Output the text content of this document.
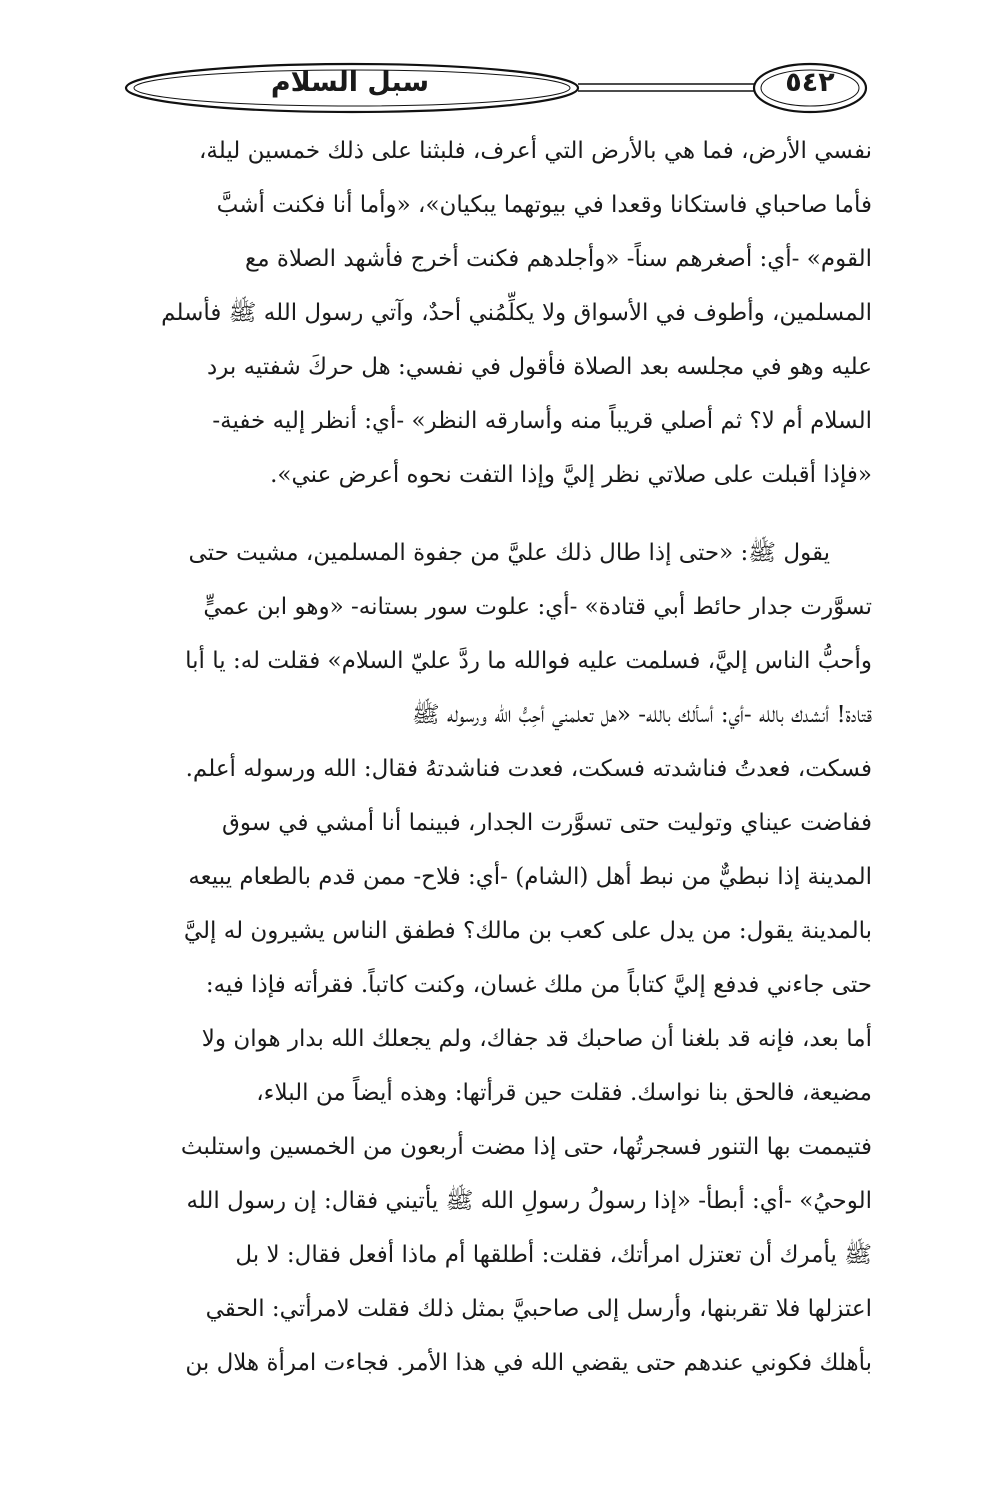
سبل السلام	٥٤٢
نفسي الأرض، فما هي بالأرض التي أعرف، فلبثنا على ذلك خمسين ليلة،
فأما صاحباي فاستكانا وقعدا في بيوتهما يبكيان»، «وأما أنا فكنت أشبَّ
القوم» -أي: أصغرهم سناً- «وأجلدهم فكنت أخرج فأشهد الصلاة مع
المسلمين، وأطوف في الأسواق ولا يكلِّمُني أحدٌ، وآتي رسول الله ﷺ فأسلم
عليه وهو في مجلسه بعد الصلاة فأقول في نفسي: هل حركَ شفتيه برد
السلام أم لا؟ ثم أصلي قريباً منه وأسارقه النظر» -أي: أنظر إليه خفية-
«فإذا أقبلت على صلاتي نظر إليَّ وإذا التفت نحوه أعرض عني».
يقول ﷺ: «حتى إذا طال ذلك عليَّ من جفوة المسلمين، مشيت حتى
تسوَّرت جدار حائط أبي قتادة» -أي: علوت سور بستانه- «وهو ابن عميٍّ
وأحبُّ الناس إليَّ، فسلمت عليه فوالله ما ردَّ عليّ السلام» فقلت له: يا أبا
قتادة! أنشدك بالله -أي: أسألك بالله- «هل تعلمني أحِبُّ الله ورسوله ﷺ
فسكت، فعدتُ فناشدته فسكت، فعدت فناشدتهُ فقال: الله ورسوله أعلم.
ففاضت عيناي وتوليت حتى تسوَّرت الجدار، فبينما أنا أمشي في سوق
المدينة إذا نبطيٌّ من نبط أهل (الشام) -أي: فلاح- ممن قدم بالطعام يبيعه
بالمدينة يقول: من يدل على كعب بن مالك؟ فطفق الناس يشيرون له إليَّ
حتى جاءني فدفع إليَّ كتاباً من ملك غسان، وكنت كاتباً. فقرأته فإذا فيه:
أما بعد، فإنه قد بلغنا أن صاحبك قد جفاك، ولم يجعلك الله بدار هوان ولا
مضيعة، فالحق بنا نواسك. فقلت حين قرأتها: وهذه أيضاً من البلاء،
فتيممت بها التنور فسجرتُها، حتى إذا مضت أربعون من الخمسين واستلبث
الوحيُ» -أي: أبطأ- «إذا رسولُ رسولِ الله ﷺ يأتيني فقال: إن رسول الله
ﷺ يأمرك أن تعتزل امرأتك، فقلت: أطلقها أم ماذا أفعل فقال: لا بل
اعتزلها فلا تقربنها، وأرسل إلى صاحبيَّ بمثل ذلك فقلت لامرأتي: الحقي
بأهلك فكوني عندهم حتى يقضي الله في هذا الأمر. فجاءت امرأة هلال بن
